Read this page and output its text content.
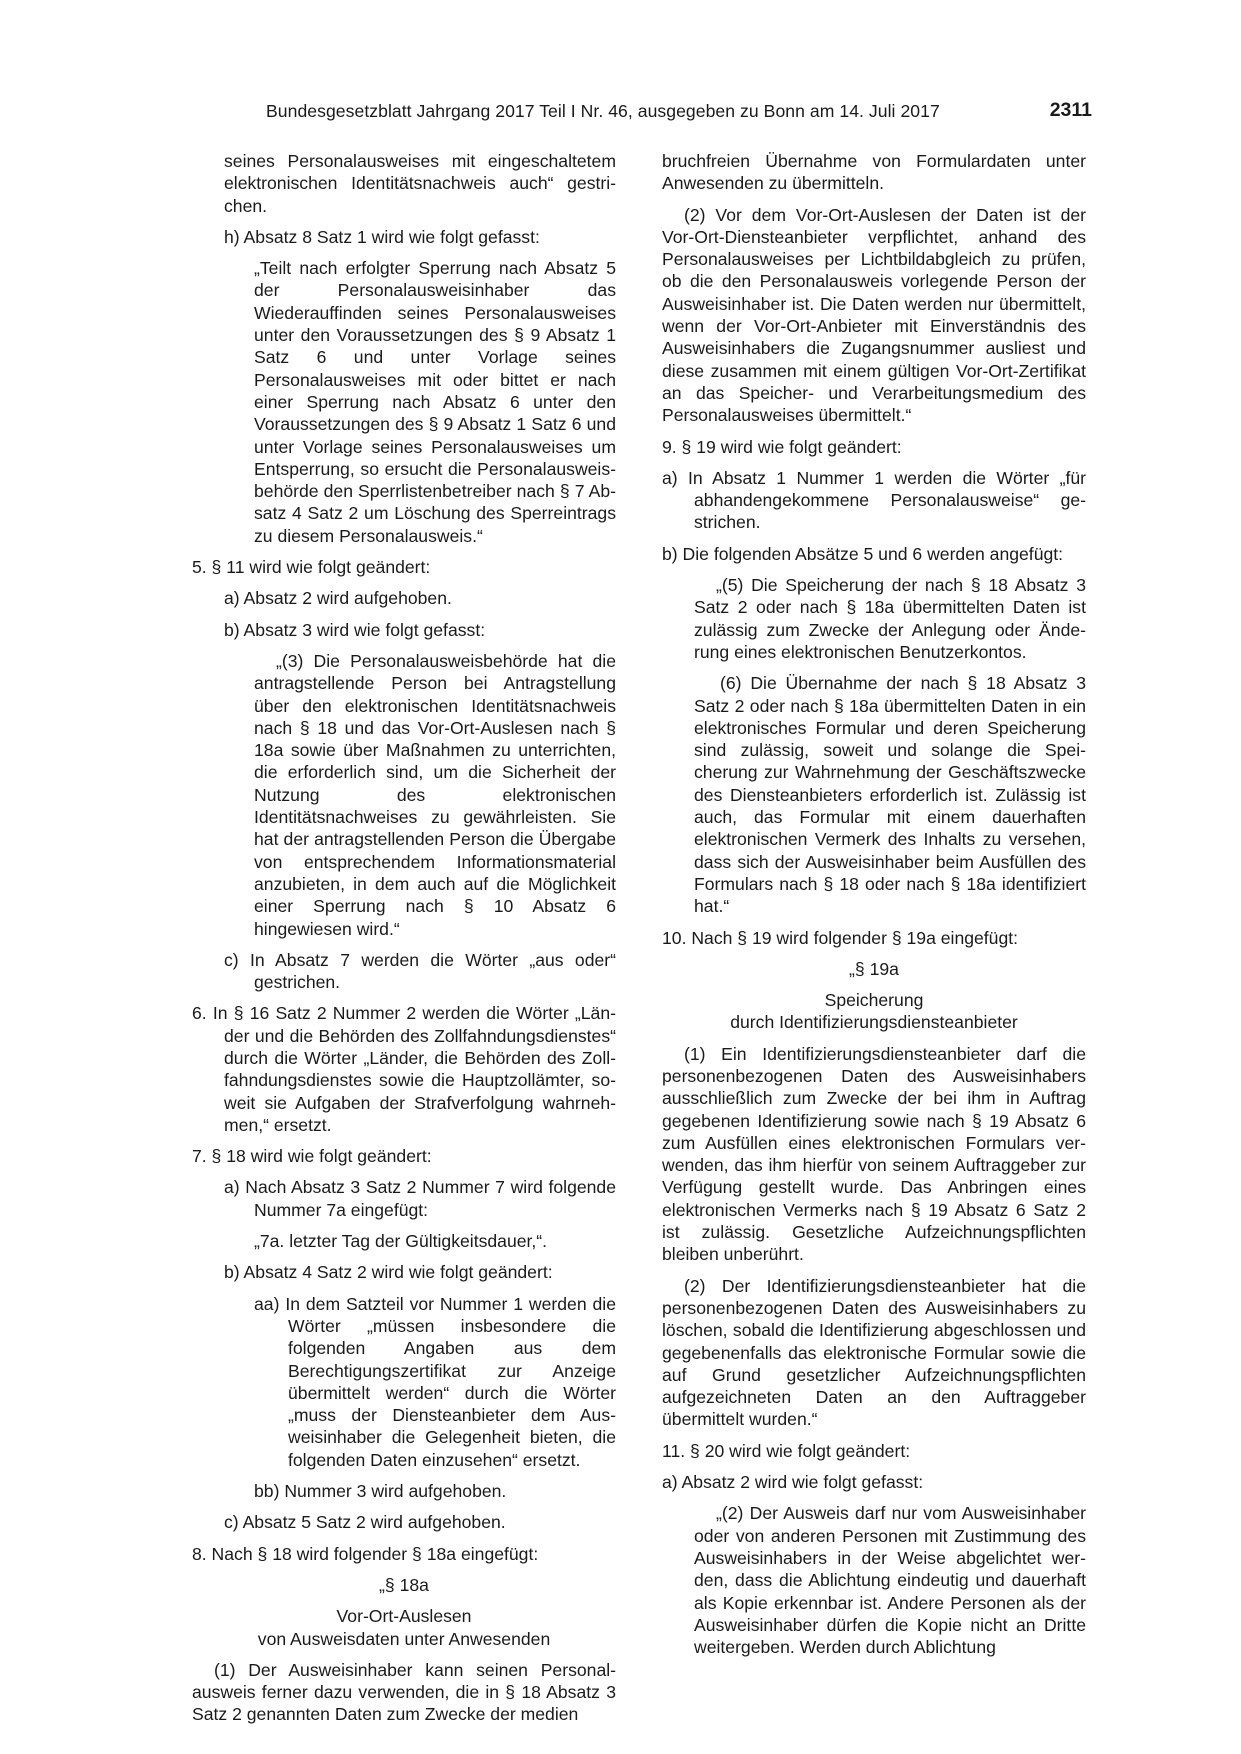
Bundesgesetzblatt Jahrgang 2017 Teil I Nr. 46, ausgegeben zu Bonn am 14. Juli 2017	2311

seines Personalausweises mit eingeschaltetem elektronischen Identitätsnachweis auch“ gestrichen.

h) Absatz 8 Satz 1 wird wie folgt gefasst:

„Teilt nach erfolgter Sperrung nach Absatz 5 der Personalausweisinhaber das Wiederauffinden seines Personalausweises unter den Voraussetzungen des § 9 Absatz 1 Satz 6 und unter Vorlage seines Personalausweises mit oder bittet er nach einer Sperrung nach Absatz 6 unter den Voraussetzungen des § 9 Absatz 1 Satz 6 und unter Vorlage seines Personalausweises um Entsperrung, so ersucht die Personalausweisbehörde den Sperrlistenbetreiber nach § 7 Absatz 4 Satz 2 um Löschung des Sperreintrags zu diesem Personalausweis.“

5. § 11 wird wie folgt geändert:

a) Absatz 2 wird aufgehoben.

b) Absatz 3 wird wie folgt gefasst:

„(3) Die Personalausweisbehörde hat die antragstellende Person bei Antragstellung über den elektronischen Identitätsnachweis nach § 18 und das Vor-Ort-Auslesen nach § 18a sowie über Maßnahmen zu unterrichten, die erforderlich sind, um die Sicherheit der Nutzung des elektronischen Identitätsnachweises zu gewährleisten. Sie hat der antragstellenden Person die Übergabe von entsprechendem Informationsmaterial anzubieten, in dem auch auf die Möglichkeit einer Sperrung nach § 10 Absatz 6 hingewiesen wird.“

c) In Absatz 7 werden die Wörter „aus oder“ gestrichen.

6. In § 16 Satz 2 Nummer 2 werden die Wörter „Länder und die Behörden des Zollfahndungsdienstes“ durch die Wörter „Länder, die Behörden des Zollfahndungsdienstes sowie die Hauptzollämter, soweit sie Aufgaben der Strafverfolgung wahrnehmen,“ ersetzt.

7. § 18 wird wie folgt geändert:

a) Nach Absatz 3 Satz 2 Nummer 7 wird folgende Nummer 7a eingefügt:

„7a. letzter Tag der Gültigkeitsdauer,“.

b) Absatz 4 Satz 2 wird wie folgt geändert:

aa) In dem Satzteil vor Nummer 1 werden die Wörter „müssen insbesondere die folgenden Angaben aus dem Berechtigungszertifikat zur Anzeige übermittelt werden“ durch die Wörter „muss der Diensteanbieter dem Ausweisinhaber die Gelegenheit bieten, die folgenden Daten einzusehen“ ersetzt.

bb) Nummer 3 wird aufgehoben.

c) Absatz 5 Satz 2 wird aufgehoben.

8. Nach § 18 wird folgender § 18a eingefügt:

„§ 18a

Vor-Ort-Auslesen

von Ausweisdaten unter Anwesenden

(1) Der Ausweisinhaber kann seinen Personalausweis ferner dazu verwenden, die in § 18 Absatz 3 Satz 2 genannten Daten zum Zwecke der medien

bruchfreien Übernahme von Formulardaten unter Anwesenden zu übermitteln.

(2) Vor dem Vor-Ort-Auslesen der Daten ist der Vor-Ort-Diensteanbieter verpflichtet, anhand des Personalausweises per Lichtbildabgleich zu prüfen, ob die den Personalausweis vorlegende Person der Ausweisinhaber ist. Die Daten werden nur übermittelt, wenn der Vor-Ort-Anbieter mit Einverständnis des Ausweisinhabers die Zugangsnummer ausliest und diese zusammen mit einem gültigen Vor-Ort-Zertifikat an das Speicher- und Verarbeitungsmedium des Personalausweises übermittelt.“

9. § 19 wird wie folgt geändert:

a) In Absatz 1 Nummer 1 werden die Wörter „für abhandengekommene Personalausweise“ gestrichen.

b) Die folgenden Absätze 5 und 6 werden angefügt:

„(5) Die Speicherung der nach § 18 Absatz 3 Satz 2 oder nach § 18a übermittelten Daten ist zulässig zum Zwecke der Anlegung oder Änderung eines elektronischen Benutzerkontos.

(6) Die Übernahme der nach § 18 Absatz 3 Satz 2 oder nach § 18a übermittelten Daten in ein elektronisches Formular und deren Speicherung sind zulässig, soweit und solange die Speicherung zur Wahrnehmung der Geschäftszwecke des Diensteanbieters erforderlich ist. Zulässig ist auch, das Formular mit einem dauerhaften elektronischen Vermerk des Inhalts zu versehen, dass sich der Ausweisinhaber beim Ausfüllen des Formulars nach § 18 oder nach § 18a identifiziert hat.“

10. Nach § 19 wird folgender § 19a eingefügt:

„§ 19a

Speicherung

durch Identifizierungsdiensteanbieter

(1) Ein Identifizierungsdiensteanbieter darf die personenbezogenen Daten des Ausweisinhabers ausschließlich zum Zwecke der bei ihm in Auftrag gegebenen Identifizierung sowie nach § 19 Absatz 6 zum Ausfüllen eines elektronischen Formulars verwenden, das ihm hierfür von seinem Auftraggeber zur Verfügung gestellt wurde. Das Anbringen eines elektronischen Vermerks nach § 19 Absatz 6 Satz 2 ist zulässig. Gesetzliche Aufzeichnungspflichten bleiben unberührt.

(2) Der Identifizierungsdiensteanbieter hat die personenbezogenen Daten des Ausweisinhabers zu löschen, sobald die Identifizierung abgeschlossen und gegebenenfalls das elektronische Formular sowie die auf Grund gesetzlicher Aufzeichnungspflichten aufgezeichneten Daten an den Auftraggeber übermittelt wurden.“

11. § 20 wird wie folgt geändert:

a) Absatz 2 wird wie folgt gefasst:

„(2) Der Ausweis darf nur vom Ausweisinhaber oder von anderen Personen mit Zustimmung des Ausweisinhabers in der Weise abgelichtet werden, dass die Ablichtung eindeutig und dauerhaft als Kopie erkennbar ist. Andere Personen als der Ausweisinhaber dürfen die Kopie nicht an Dritte weitergeben. Werden durch Ablichtung
